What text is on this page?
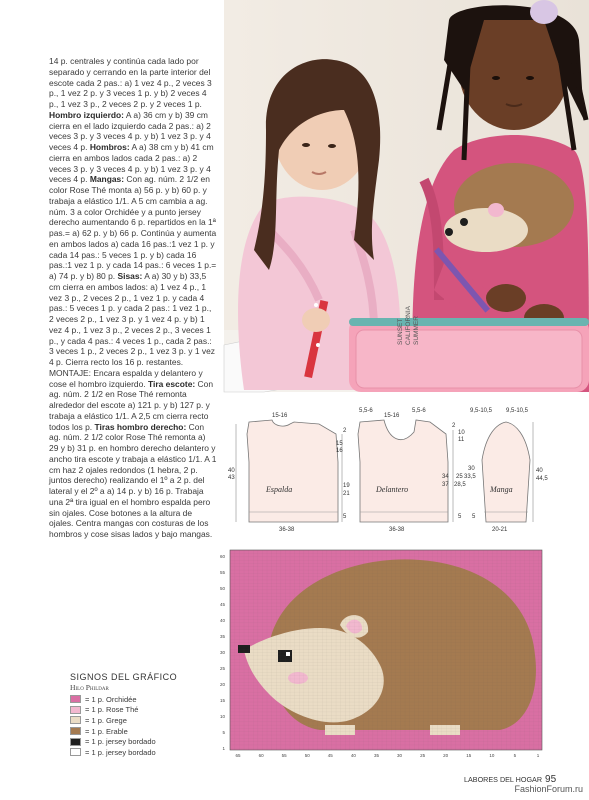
14 p. centrales y continúa cada lado por separado y cerrando en la parte interior del escote cada 2 pas.: a) 1 vez 4 p., 2 veces 3 p., 1 vez 2 p. y 3 veces 1 p. y b) 2 veces 4 p., 1 vez 3 p., 2 veces 2 p. y 2 veces 1 p. Hombro izquierdo: A a) 36 cm y b) 39 cm cierra en el lado izquierdo cada 2 pas.: a) 2 veces 3 p. y 3 veces 4 p. y b) 1 vez 3 p. y 4 veces 4 p. Hombros: A a) 38 cm y b) 41 cm cierra en ambos lados cada 2 pas.: a) 2 veces 3 p. y 3 veces 4 p. y b) 1 vez 3 p. y 4 veces 4 p. Mangas: Con ag. núm. 2 1/2 en color Rose Thé monta a) 56 p. y b) 60 p. y trabaja a elástico 1/1. A 5 cm cambia a ag. núm. 3 a color Orchidée y a punto jersey derecho aumentando 6 p. repartidos en la 1ª pas.= a) 62 p. y b) 66 p. Continúa y aumenta en ambos lados a) cada 16 pas.:1 vez 1 p. y cada 14 pas.: 5 veces 1 p. y b) cada 16 pas.:1 vez 1 p. y cada 14 pas.: 6 veces 1 p.= a) 74 p. y b) 80 p. Sisas: A a) 30 y b) 33,5 cm cierra en ambos lados: a) 1 vez 4 p., 1 vez 3 p., 2 veces 2 p., 1 vez 1 p. y cada 4 pas.: 5 veces 1 p. y cada 2 pas.: 1 vez 1 p., 2 veces 2 p., 1 vez 3 p. y 1 vez 4 p. y b) 1 vez 4 p., 1 vez 3 p., 2 veces 2 p., 3 veces 1 p., y cada 4 pas.: 4 veces 1 p., cada 2 pas.: 3 veces 1 p., 2 veces 2 p., 1 vez 3 p. y 1 vez 4 p. Cierra recto los 16 p. restantes. MONTAJE: Encara espalda y delantero y cose el hombro izquierdo. Tira escote: Con ag. núm. 2 1/2 en Rose Thé remonta alrededor del escote a) 121 p. y b) 127 p. y trabaja a elástico 1/1. A 2,5 cm cierra recto todos los p. Tiras hombro derecho: Con ag. núm. 2 1/2 color Rose Thé remonta a) 29 y b) 31 p. en hombro derecho delantero y ancho tira escote y trabaja a elástico 1/1. A 1 cm haz 2 ojales redondos (1 hebra, 2 p. juntos derecho) realizando el 1º a 2 p. del lateral y el 2º a a) 14 p. y b) 16 p. Trabaja una 2ª tira igual en el hombro espalda pero sin ojales. Cose botones a la altura de ojales. Centra mangas con costuras de los hombros y cose sisas lados y bajo mangas.
SUNSET CALIFORNIA SUMMER
Espalda
15-16
36-38
40
43
2
19
21
5
Delantero
5,5-6
15-16
5,5-6
36-38
15
16
2
10
11
34
37
25
28,5
5
Manga
9,5-10,5 9,5-10,5
20-21
30
33,5
5
40
44,5
60
55
50
45
40
35
30
25
20
15
10
5
1
65	60	55	50	45	40	35	30	25	20	15	10	5	1
SIGNOS DEL GRÁFICO
Hilo Phildar
= 1 p. Orchidée
= 1 p. Rose Thé
= 1 p. Grege
= 1 p. Erable
= 1 p. jersey bordado
= 1 p. jersey bordado
LABORES DEL HOGAR 95
FashionForum.ru
